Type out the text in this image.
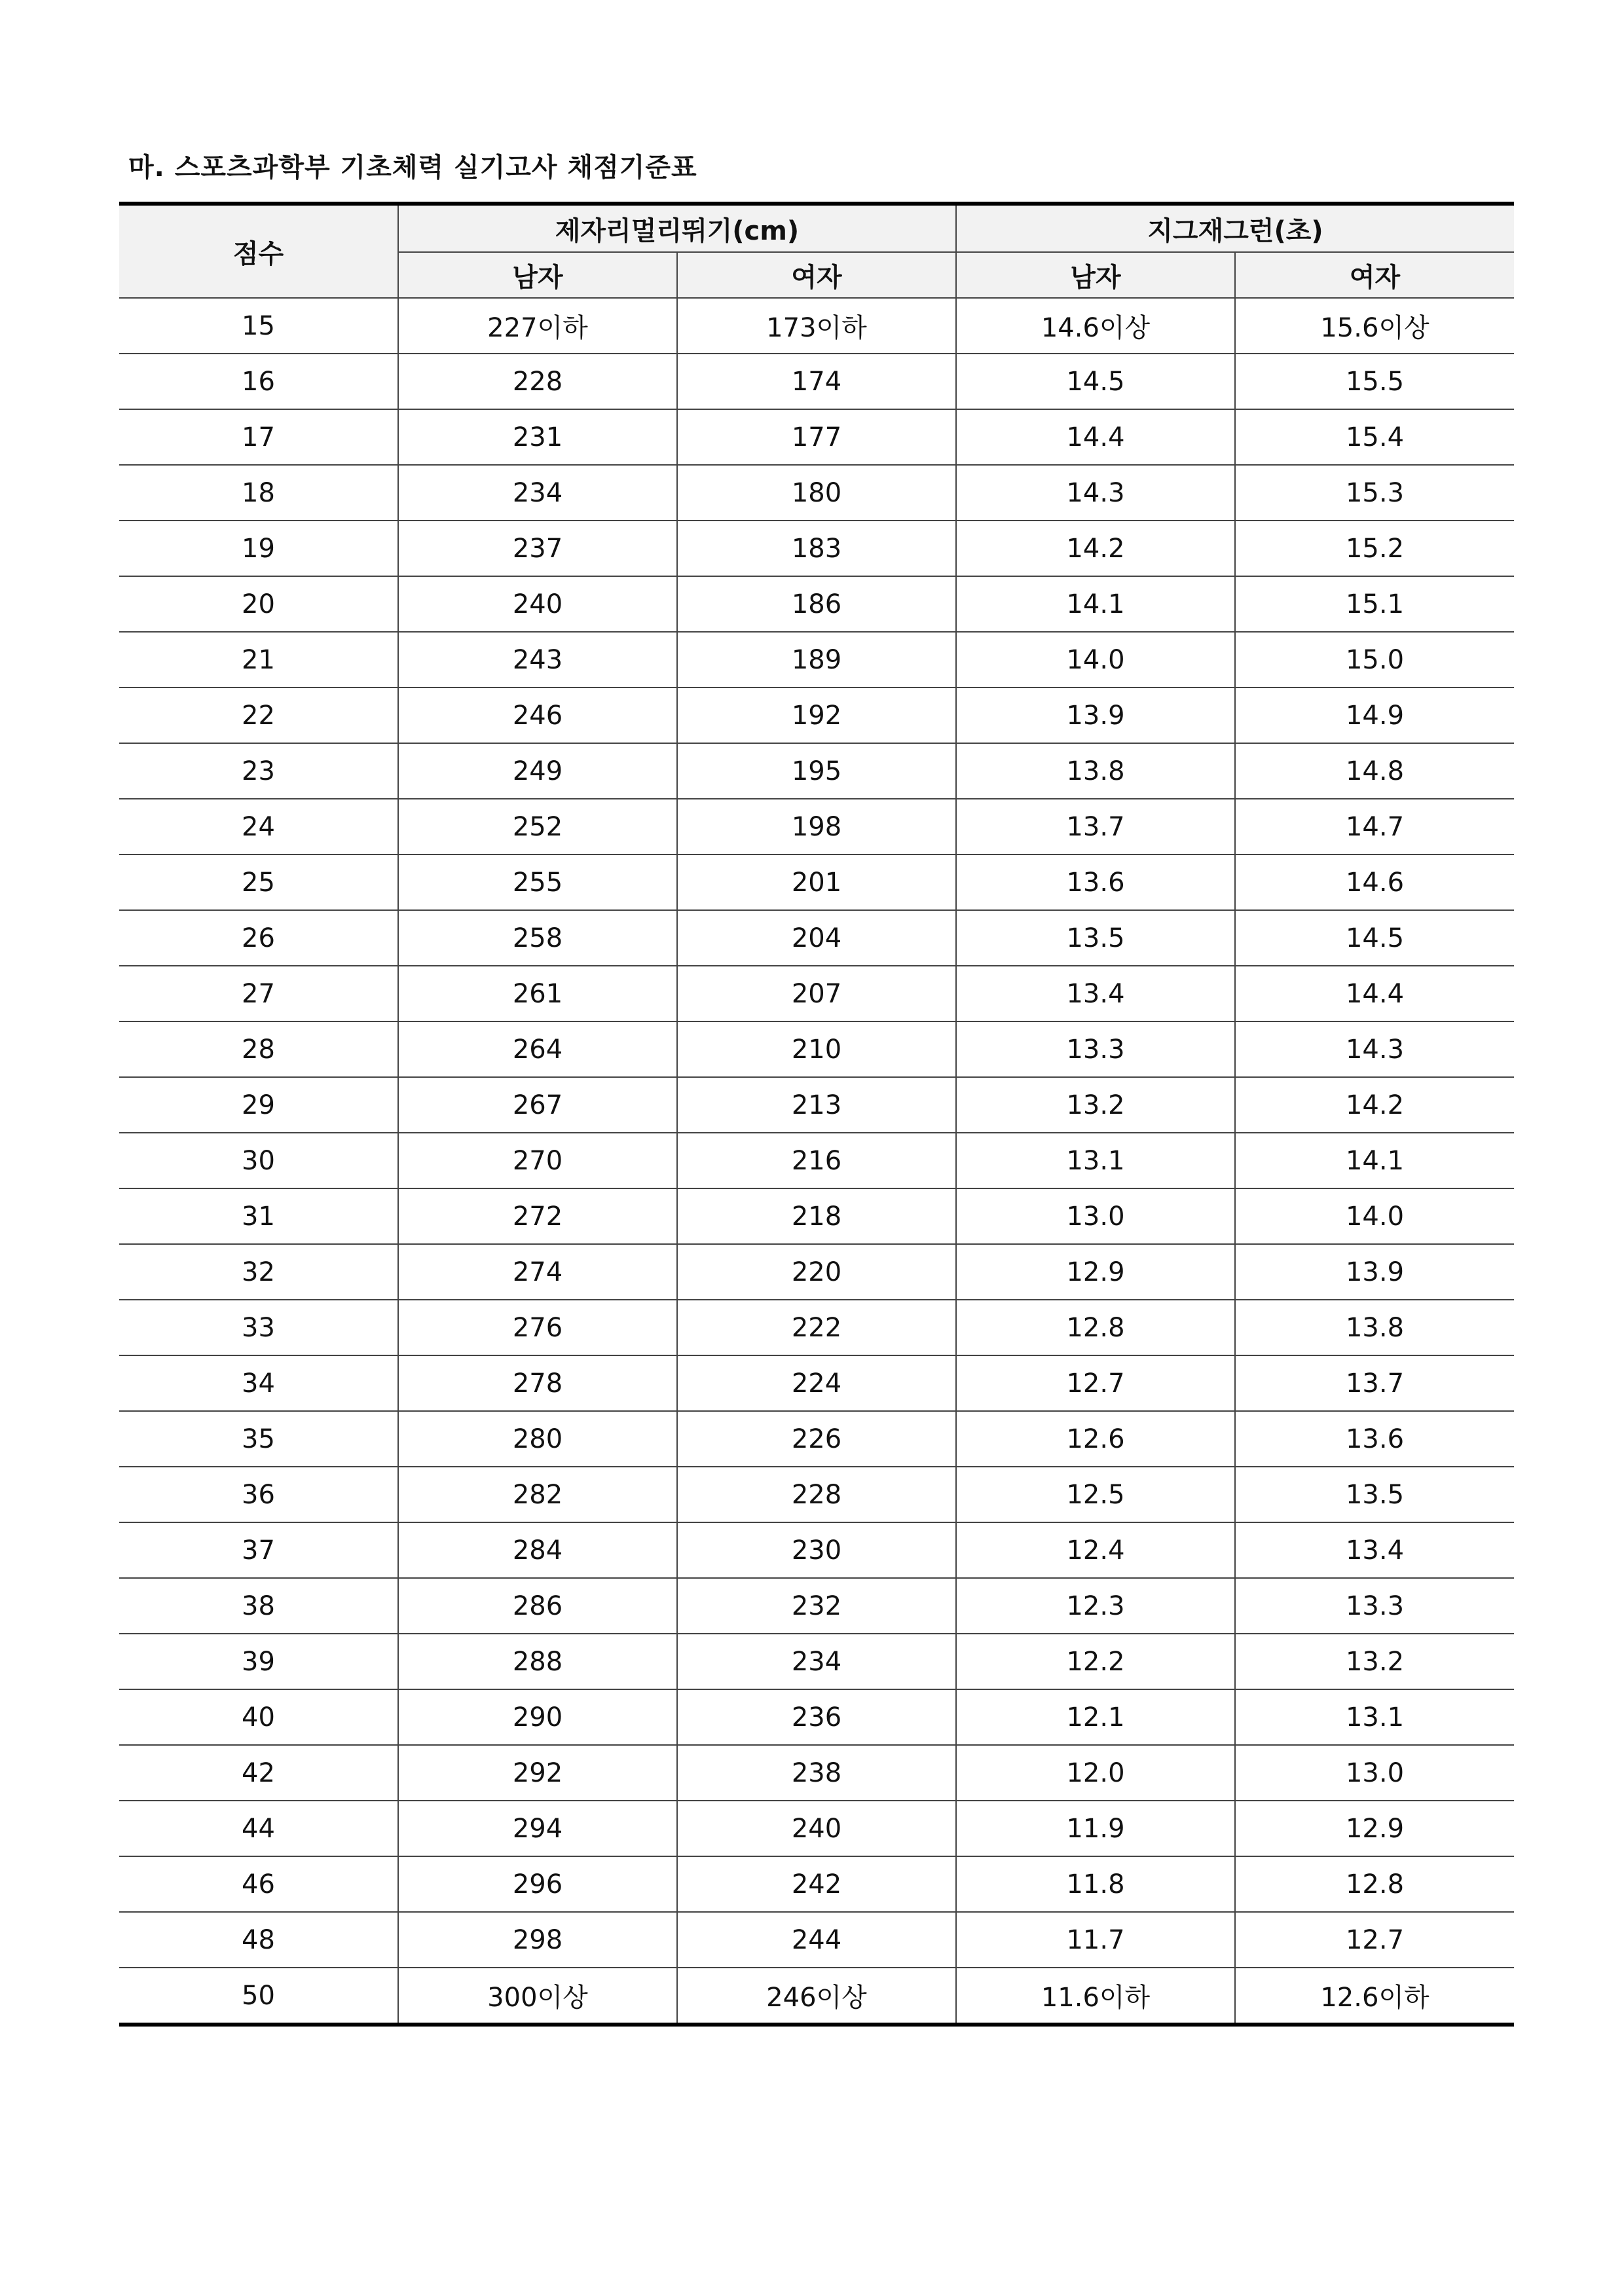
마. 스포츠과학부 기초체력 실기고사 채점기준표
점수	제자리멀리뛰기(cm)		지그재그런(초)	
	남자	여자	남자	여자
15	227이하	173이하	14.6이상	15.6이상
16	228	174	14.5	15.5
17	231	177	14.4	15.4
18	234	180	14.3	15.3
19	237	183	14.2	15.2
20	240	186	14.1	15.1
21	243	189	14.0	15.0
22	246	192	13.9	14.9
23	249	195	13.8	14.8
24	252	198	13.7	14.7
25	255	201	13.6	14.6
26	258	204	13.5	14.5
27	261	207	13.4	14.4
28	264	210	13.3	14.3
29	267	213	13.2	14.2
30	270	216	13.1	14.1
31	272	218	13.0	14.0
32	274	220	12.9	13.9
33	276	222	12.8	13.8
34	278	224	12.7	13.7
35	280	226	12.6	13.6
36	282	228	12.5	13.5
37	284	230	12.4	13.4
38	286	232	12.3	13.3
39	288	234	12.2	13.2
40	290	236	12.1	13.1
42	292	238	12.0	13.0
44	294	240	11.9	12.9
46	296	242	11.8	12.8
48	298	244	11.7	12.7
50	300이상	246이상	11.6이하	12.6이하
